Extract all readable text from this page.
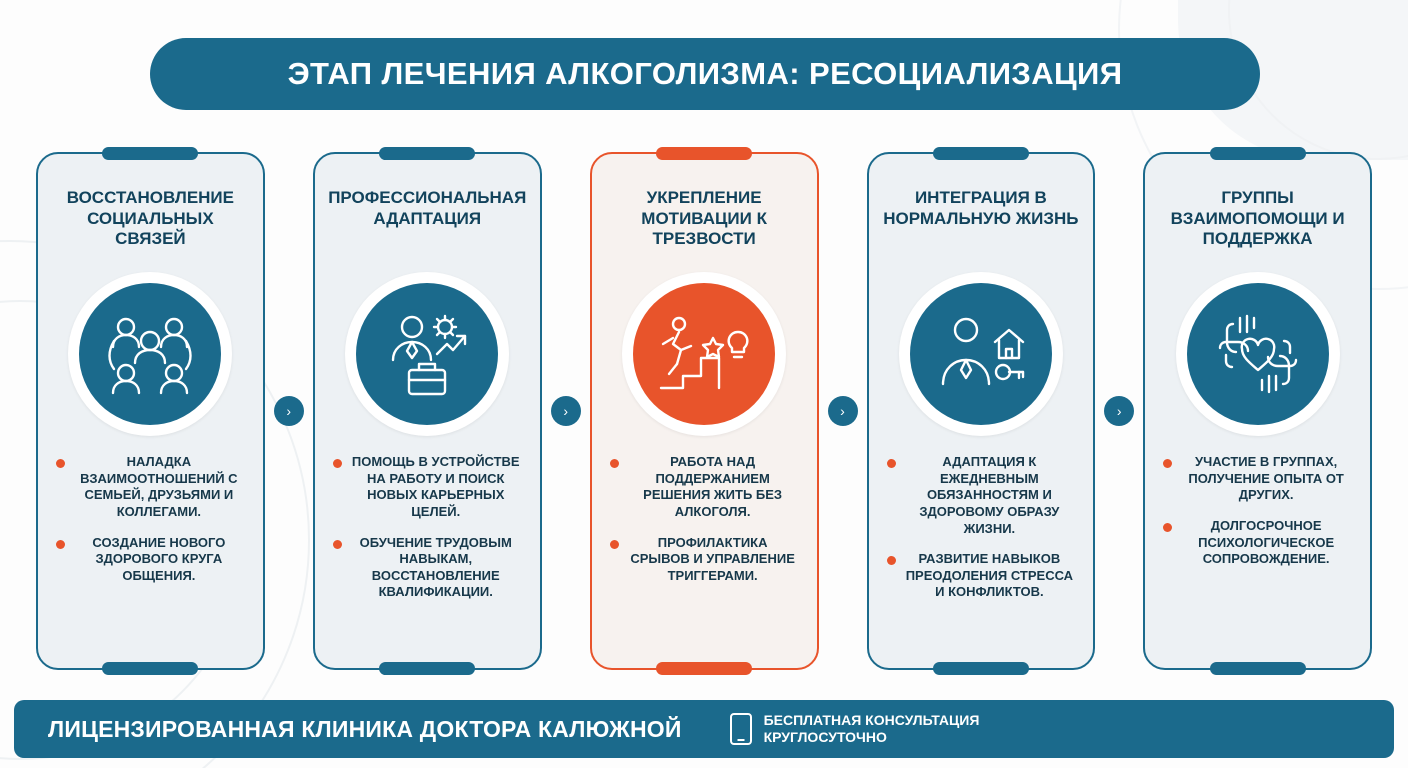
ЭТАП ЛЕЧЕНИЯ АЛКОГОЛИЗМА: РЕСОЦИАЛИЗАЦИЯ
ВОССТАНОВЛЕНИЕ СОЦИАЛЬНЫХ СВЯЗЕЙ

НАЛАДКА ВЗАИМООТНОШЕНИЙ С СЕМЬЕЙ, ДРУЗЬЯМИ И КОЛЛЕГАМИ.

СОЗДАНИЕ НОВОГО ЗДОРОВОГО КРУГА ОБЩЕНИЯ.

›
ПРОФЕССИОНАЛЬНАЯ АДАПТАЦИЯ

ПОМОЩЬ В УСТРОЙСТВЕ НА РАБОТУ И ПОИСК НОВЫХ КАРЬЕРНЫХ ЦЕЛЕЙ.

ОБУЧЕНИЕ ТРУДОВЫМ НАВЫКАМ, ВОССТАНОВЛЕНИЕ КВАЛИФИКАЦИИ.

›
УКРЕПЛЕНИЕ МОТИВАЦИИ К ТРЕЗВОСТИ

РАБОТА НАД ПОДДЕРЖАНИЕМ РЕШЕНИЯ ЖИТЬ БЕЗ АЛКОГОЛЯ.

ПРОФИЛАКТИКА СРЫВОВ И УПРАВЛЕНИЕ ТРИГГЕРАМИ.

›
ИНТЕГРАЦИЯ В НОРМАЛЬНУЮ ЖИЗНЬ

АДАПТАЦИЯ К ЕЖЕДНЕВНЫМ ОБЯЗАННОСТЯМ И ЗДОРОВОМУ ОБРАЗУ ЖИЗНИ.

РАЗВИТИЕ НАВЫКОВ ПРЕОДОЛЕНИЯ СТРЕССА И КОНФЛИКТОВ.

›
ГРУППЫ ВЗАИМОПОМОЩИ И ПОДДЕРЖКА

УЧАСТИЕ В ГРУППАХ, ПОЛУЧЕНИЕ ОПЫТА ОТ ДРУГИХ.

ДОЛГОСРОЧНОЕ ПСИХОЛОГИЧЕСКОЕ СОПРОВОЖДЕНИЕ.

ЛИЦЕНЗИРОВАННАЯ КЛИНИКА ДОКТОРА КАЛЮЖНОЙ	БЕСПЛАТНАЯ КОНСУЛЬТАЦИЯ
КРУГЛОСУТОЧНО
